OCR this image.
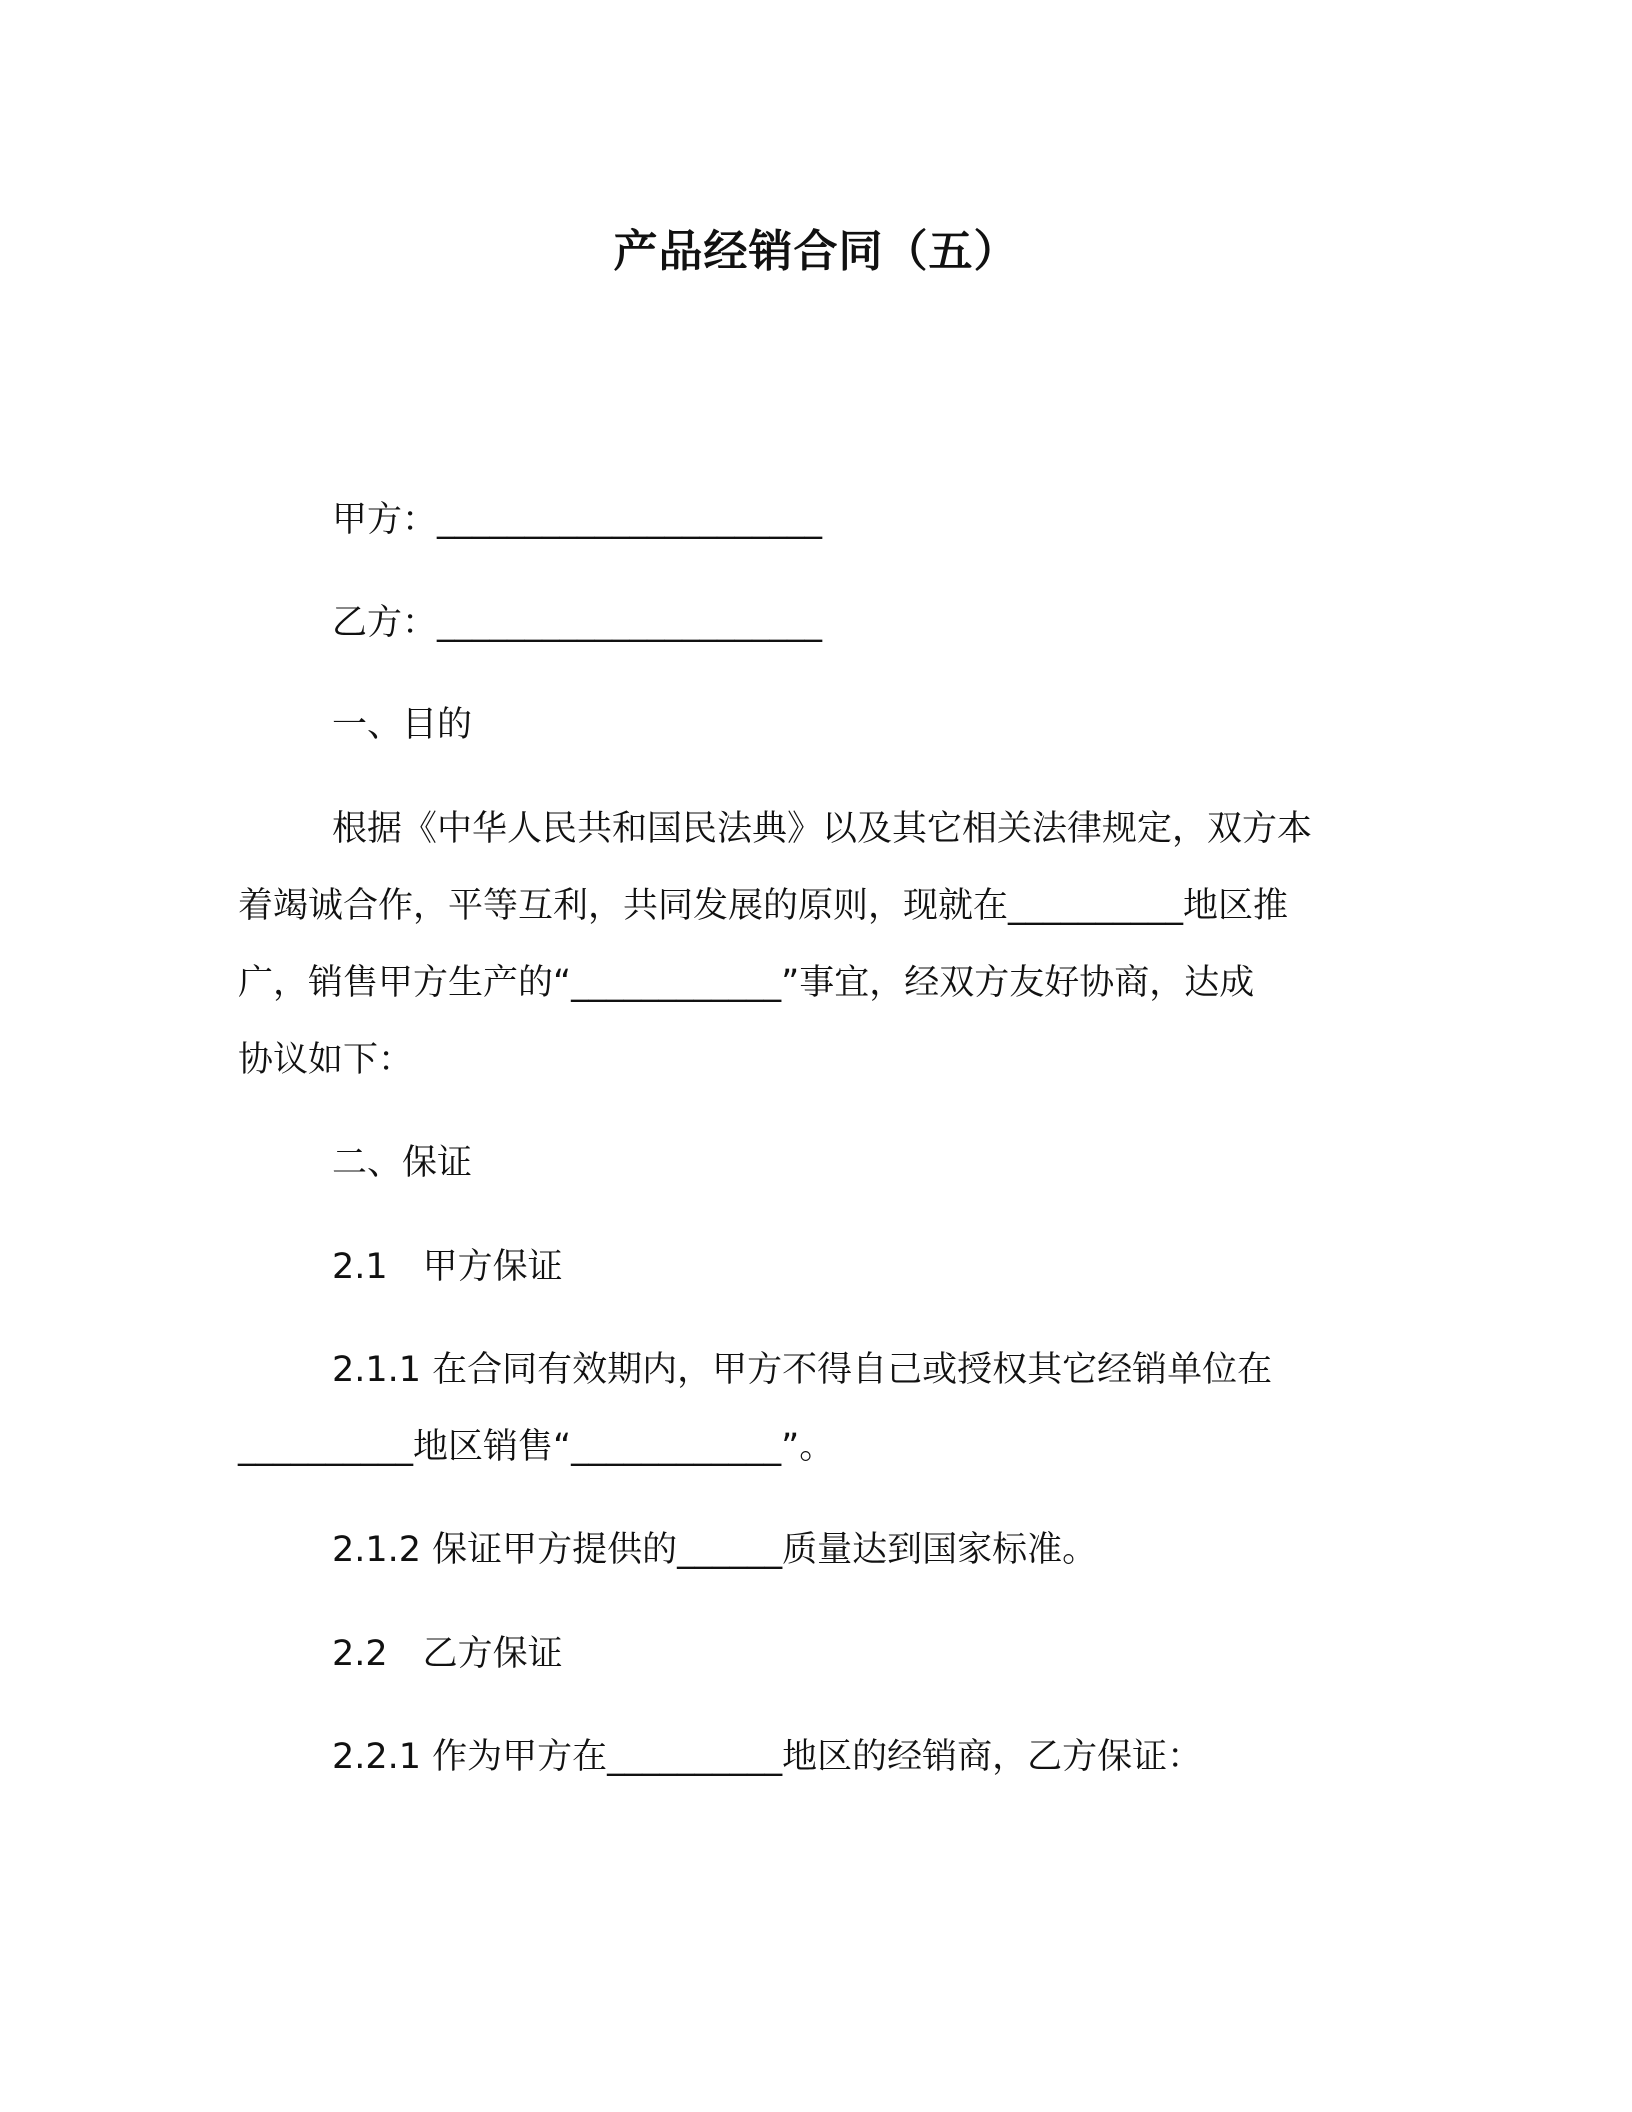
产品经销合同（五）
甲方：______________________
乙方：______________________
一、目的
根据《中华人民共和国民法典》以及其它相关法律规定，双方本
着竭诚合作，平等互利，共同发展的原则，现就在__________地区推
广，销售甲方生产的“____________”事宜，经双方友好协商，达成
协议如下：
二、保证
2.1　甲方保证
2.1.1 在合同有效期内，甲方不得自己或授权其它经销单位在
__________地区销售“____________”。
2.1.2 保证甲方提供的______质量达到国家标准。
2.2　乙方保证
2.2.1 作为甲方在__________地区的经销商，乙方保证：
